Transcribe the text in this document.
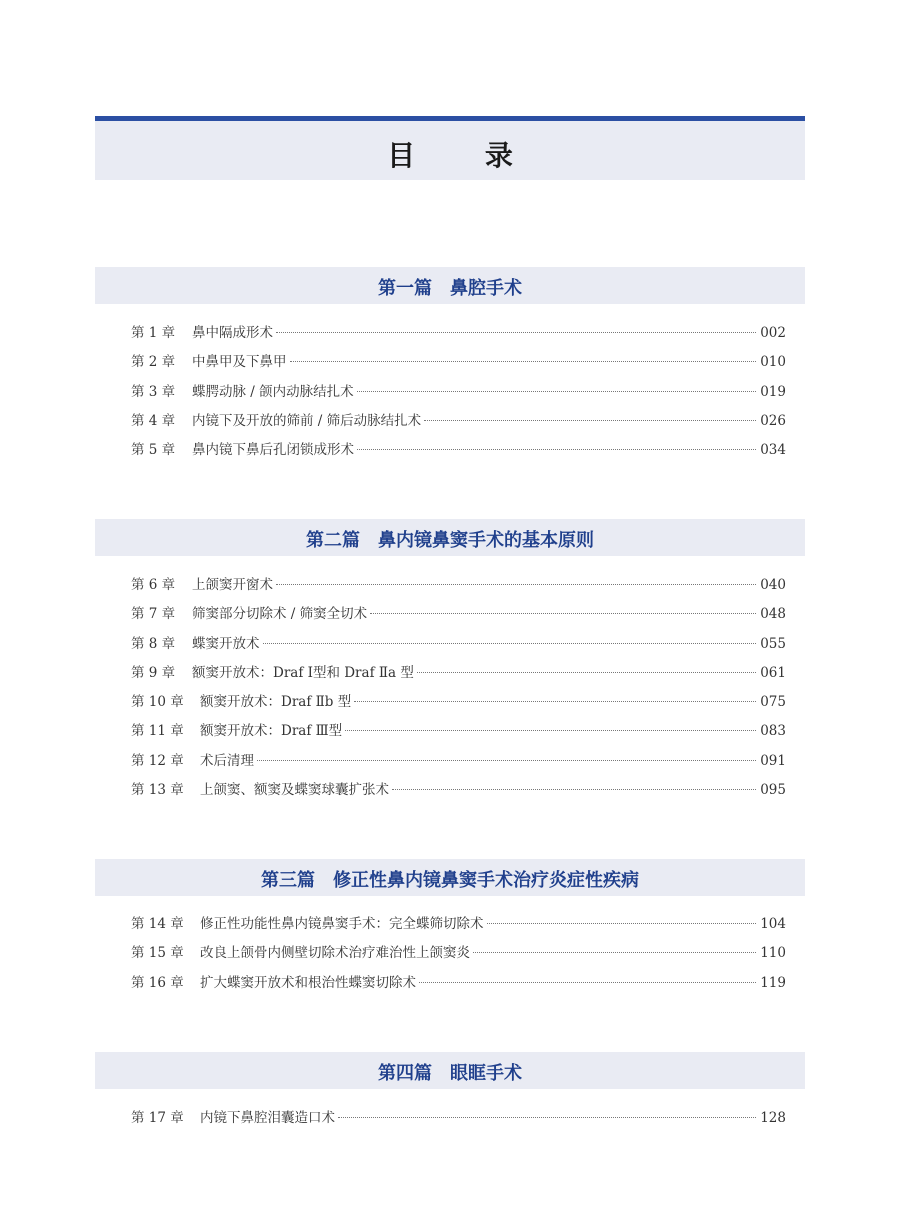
目 录
第一篇　鼻腔手术
第 1 章	鼻中隔成形术	002
第 2 章	中鼻甲及下鼻甲	010
第 3 章	蝶腭动脉 / 颌内动脉结扎术	019
第 4 章	内镜下及开放的筛前 / 筛后动脉结扎术	026
第 5 章	鼻内镜下鼻后孔闭锁成形术	034
第二篇　鼻内镜鼻窦手术的基本原则
第 6 章	上颌窦开窗术	040
第 7 章	筛窦部分切除术 / 筛窦全切术	048
第 8 章	蝶窦开放术	055
第 9 章	额窦开放术：Draf Ⅰ型和 Draf Ⅱa 型	061
第 10 章	额窦开放术：Draf Ⅱb 型	075
第 11 章	额窦开放术：Draf Ⅲ型	083
第 12 章	术后清理	091
第 13 章	上颌窦、额窦及蝶窦球囊扩张术	095
第三篇　修正性鼻内镜鼻窦手术治疗炎症性疾病
第 14 章	修正性功能性鼻内镜鼻窦手术：完全蝶筛切除术	104
第 15 章	改良上颌骨内侧壁切除术治疗难治性上颌窦炎	110
第 16 章	扩大蝶窦开放术和根治性蝶窦切除术	119
第四篇　眼眶手术
第 17 章	内镜下鼻腔泪囊造口术	128
